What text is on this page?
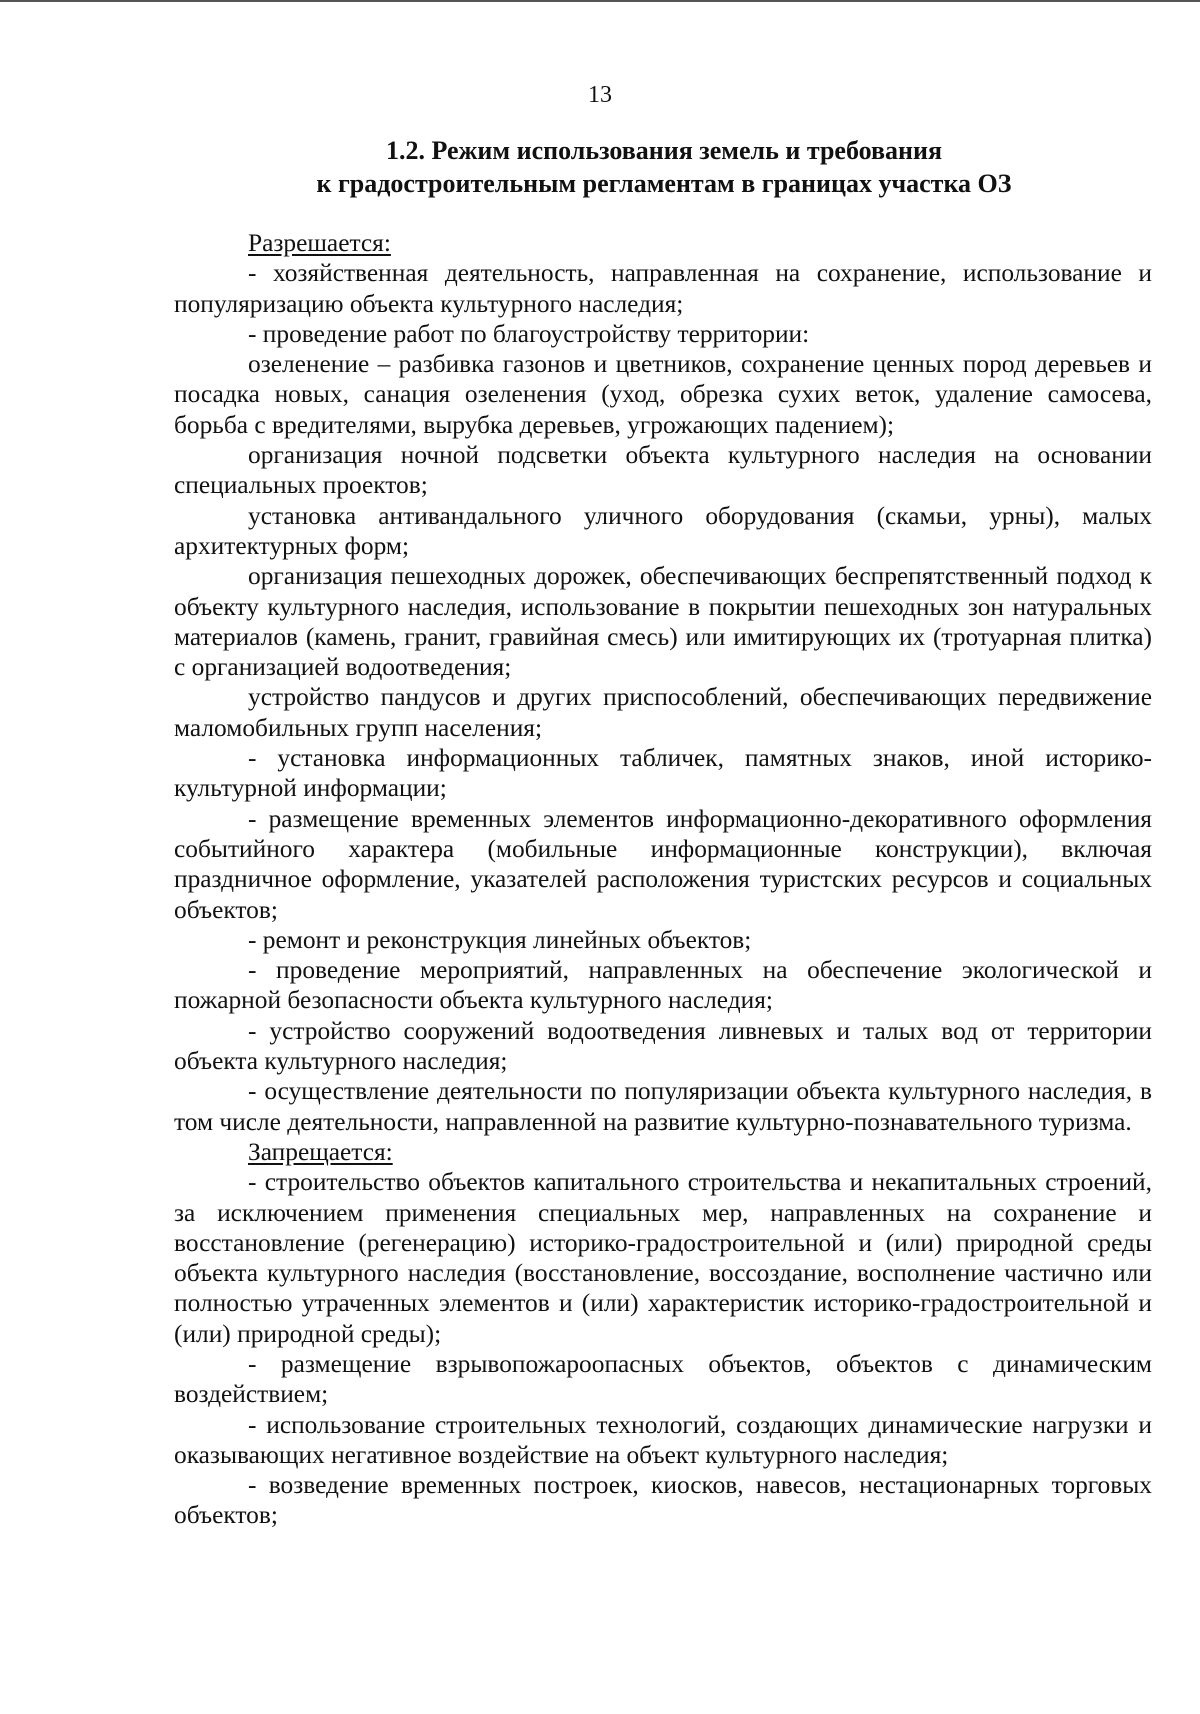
13
1.2. Режим использования земель и требования
к градостроительным регламентам в границах участка ОЗ

Разрешается:

- хозяйственная деятельность, направленная на сохранение, использование и популяризацию объекта культурного наследия;

- проведение работ по благоустройству территории:

озеленение – разбивка газонов и цветников, сохранение ценных пород деревьев и посадка новых, санация озеленения (уход, обрезка сухих веток, удаление самосева, борьба с вредителями, вырубка деревьев, угрожающих падением);

организация ночной подсветки объекта культурного наследия на основании специальных проектов;

установка антивандального уличного оборудования (скамьи, урны), малых архитектурных форм;

организация пешеходных дорожек, обеспечивающих беспрепятственный подход к объекту культурного наследия, использование в покрытии пешеходных зон натуральных материалов (камень, гранит, гравийная смесь) или имитирующих их (тротуарная плитка) с организацией водоотведения;

устройство пандусов и других приспособлений, обеспечивающих передвижение маломобильных групп населения;

- установка информационных табличек, памятных знаков, иной историко-культурной информации;

- размещение временных элементов информационно-декоративного оформления событийного характера (мобильные информационные конструкции), включая праздничное оформление, указателей расположения туристских ресурсов и социальных объектов;

- ремонт и реконструкция линейных объектов;

- проведение мероприятий, направленных на обеспечение экологической и пожарной безопасности объекта культурного наследия;

- устройство сооружений водоотведения ливневых и талых вод от территории объекта культурного наследия;

- осуществление деятельности по популяризации объекта культурного наследия, в том числе деятельности, направленной на развитие культурно-познавательного туризма.

Запрещается:

- строительство объектов капитального строительства и некапитальных строений, за исключением применения специальных мер, направленных на сохранение и восстановление (регенерацию) историко-градостроительной и (или) природной среды объекта культурного наследия (восстановление, воссоздание, восполнение частично или полностью утраченных элементов и (или) характеристик историко-градостроительной и (или) природной среды);

- размещение взрывопожароопасных объектов, объектов с динамическим воздействием;

- использование строительных технологий, создающих динамические нагрузки и оказывающих негативное воздействие на объект культурного наследия;

- возведение временных построек, киосков, навесов, нестационарных торговых объектов;
